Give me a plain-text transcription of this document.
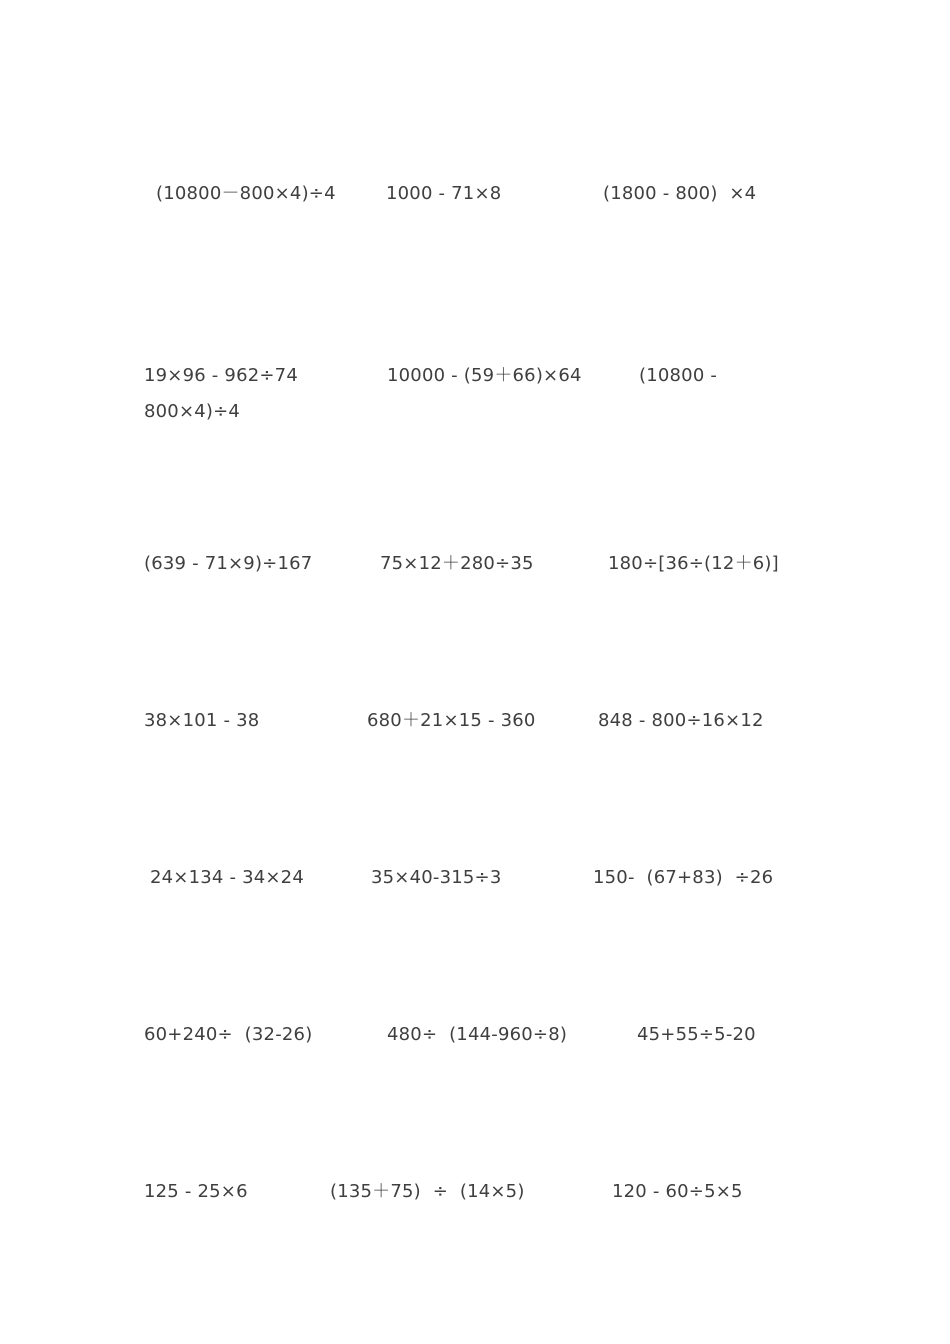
(10800－800×4)÷4	1000 - 71×8	(1800 - 800)  ×4
19×96 - 962÷74	10000 - (59＋66)×64	(10800 -
800×4)÷4
(639 - 71×9)÷167	75×12＋280÷35	180÷[36÷(12＋6)]
38×101 - 38	680＋21×15 - 360	848 - 800÷16×12
24×134 - 34×24	35×40-315÷3	150-  (67+83)  ÷26
60+240÷  (32-26)	480÷  (144-960÷8)	45+55÷5-20
125 - 25×6	(135＋75)  ÷  (14×5)	120 - 60÷5×5
